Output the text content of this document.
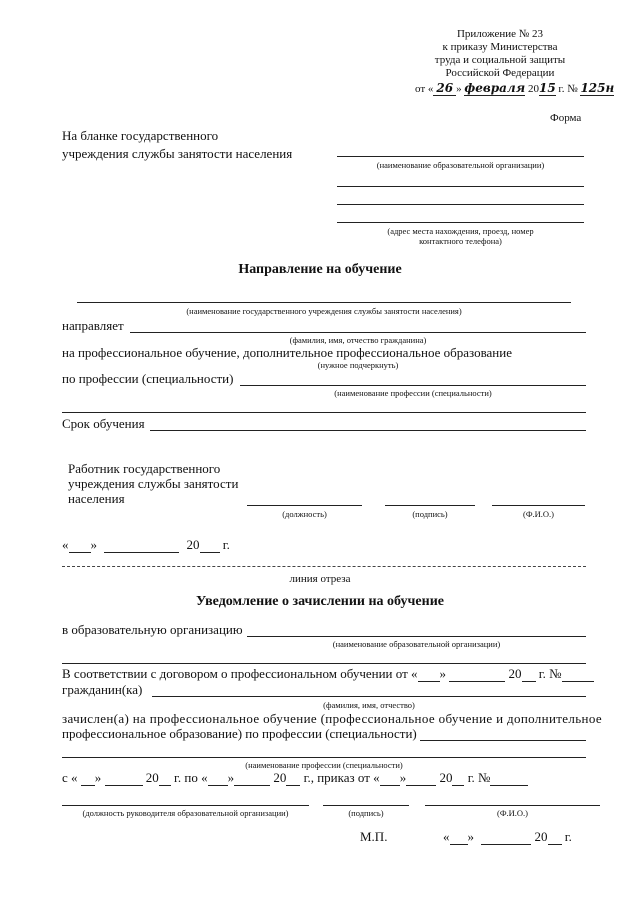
Приложение № 23
к приказу Министерства
труда и социальной защиты
Российской Федерации
от « 26 » февраля 2015 г. № 125н
Форма
На бланке государственного
учреждения службы занятости населения
(наименование образовательной организации)
(адрес места нахождения, проезд, номер
контактного телефона)
Направление на обучение
(наименование государственного учреждения службы занятости населения)
направляет
(фамилия, имя, отчество гражданина)
на профессиональное обучение, дополнительное профессиональное образование
(нужное подчеркнуть)
по профессии (специальности)
(наименование профессии (специальности)
Срок обучения
Работник государственного
учреждения службы занятости
населения
(должность)	(подпись)	(Ф.И.О.)
« »	20 г.
линия отреза
Уведомление о зачислении на обучение
в образовательную организацию
(наименование образовательной организации)
В соответствии с договором о профессиональном обучении от « »	20 г. №
гражданин(ка)
(фамилия, имя, отчество)
зачислен(а) на профессиональное обучение (профессиональное обучение и дополнительное
профессиональное образование) по профессии (специальности)
(наименование профессии (специальности)
с « »	20 г. по « »	20 г., приказ от « »	20 г. №
(должность руководителя образовательной организации)	(подпись)	(Ф.И.О.)
М.П.	« »	20 г.
